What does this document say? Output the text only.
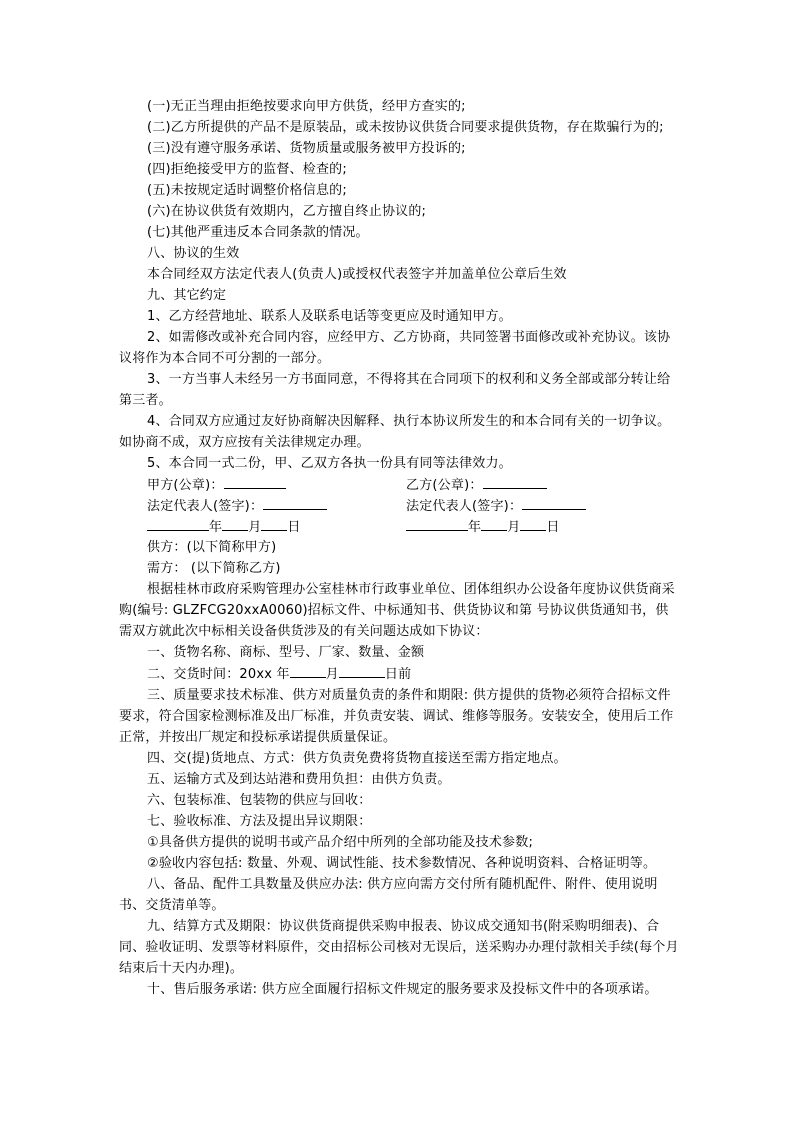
(一)无正当理由拒绝按要求向甲方供货，经甲方查实的;

(二)乙方所提供的产品不是原装品，或未按协议供货合同要求提供货物，存在欺骗行为的;

(三)没有遵守服务承诺、货物质量或服务被甲方投诉的;

(四)拒绝接受甲方的监督、检查的;

(五)未按规定适时调整价格信息的;

(六)在协议供货有效期内，乙方擅自终止协议的;

(七)其他严重违反本合同条款的情况。

八、协议的生效

本合同经双方法定代表人(负责人)或授权代表签字并加盖单位公章后生效

九、其它约定

1、乙方经营地址、联系人及联系电话等变更应及时通知甲方。

2、如需修改或补充合同内容，应经甲方、乙方协商，共同签署书面修改或补充协议。该协议将作为本合同不可分割的一部分。

3、一方当事人未经另一方书面同意，不得将其在合同项下的权利和义务全部或部分转让给第三者。

4、合同双方应通过友好协商解决因解释、执行本协议所发生的和本合同有关的一切争议。如协商不成，双方应按有关法律规定办理。

5、本合同一式二份，甲、乙双方各执一份具有同等法律效力。

甲方(公章)：	乙方(公章)：
法定代表人(签字)：	法定代表人(签字)：
年 月 日	年 月 日

供方：(以下简称甲方)

需方： (以下简称乙方)

根据桂林市政府采购管理办公室桂林市行政事业单位、团体组织办公设备年度协议供货商采购(编号: GLZFCG20xxA0060)招标文件、中标通知书、供货协议和第 号协议供货通知书，供需双方就此次中标相关设备供货涉及的有关问题达成如下协议：

一、货物名称、商标、型号、厂家、数量、金额

二、交货时间：20xx 年	月	日前

三、质量要求技术标准、供方对质量负责的条件和期限: 供方提供的货物必须符合招标文件要求，符合国家检测标准及出厂标准，并负责安装、调试、维修等服务。安装安全，使用后工作正常，并按出厂规定和投标承诺提供质量保证。

四、交(提)货地点、方式：供方负责免费将货物直接送至需方指定地点。

五、运输方式及到达站港和费用负担：由供方负责。

六、包装标准、包装物的供应与回收：

七、验收标准、方法及提出异议期限：

①具备供方提供的说明书或产品介绍中所列的全部功能及技术参数;

②验收内容包括: 数量、外观、调试性能、技术参数情况、各种说明资料、合格证明等。

八、备品、配件工具数量及供应办法: 供方应向需方交付所有随机配件、附件、使用说明书、交货清单等。

九、结算方式及期限：协议供货商提供采购申报表、协议成交通知书(附采购明细表)、合同、验收证明、发票等材料原件，交由招标公司核对无误后，送采购办办理付款相关手续(每个月结束后十天内办理)。

十、售后服务承诺: 供方应全面履行招标文件规定的服务要求及投标文件中的各项承诺。
